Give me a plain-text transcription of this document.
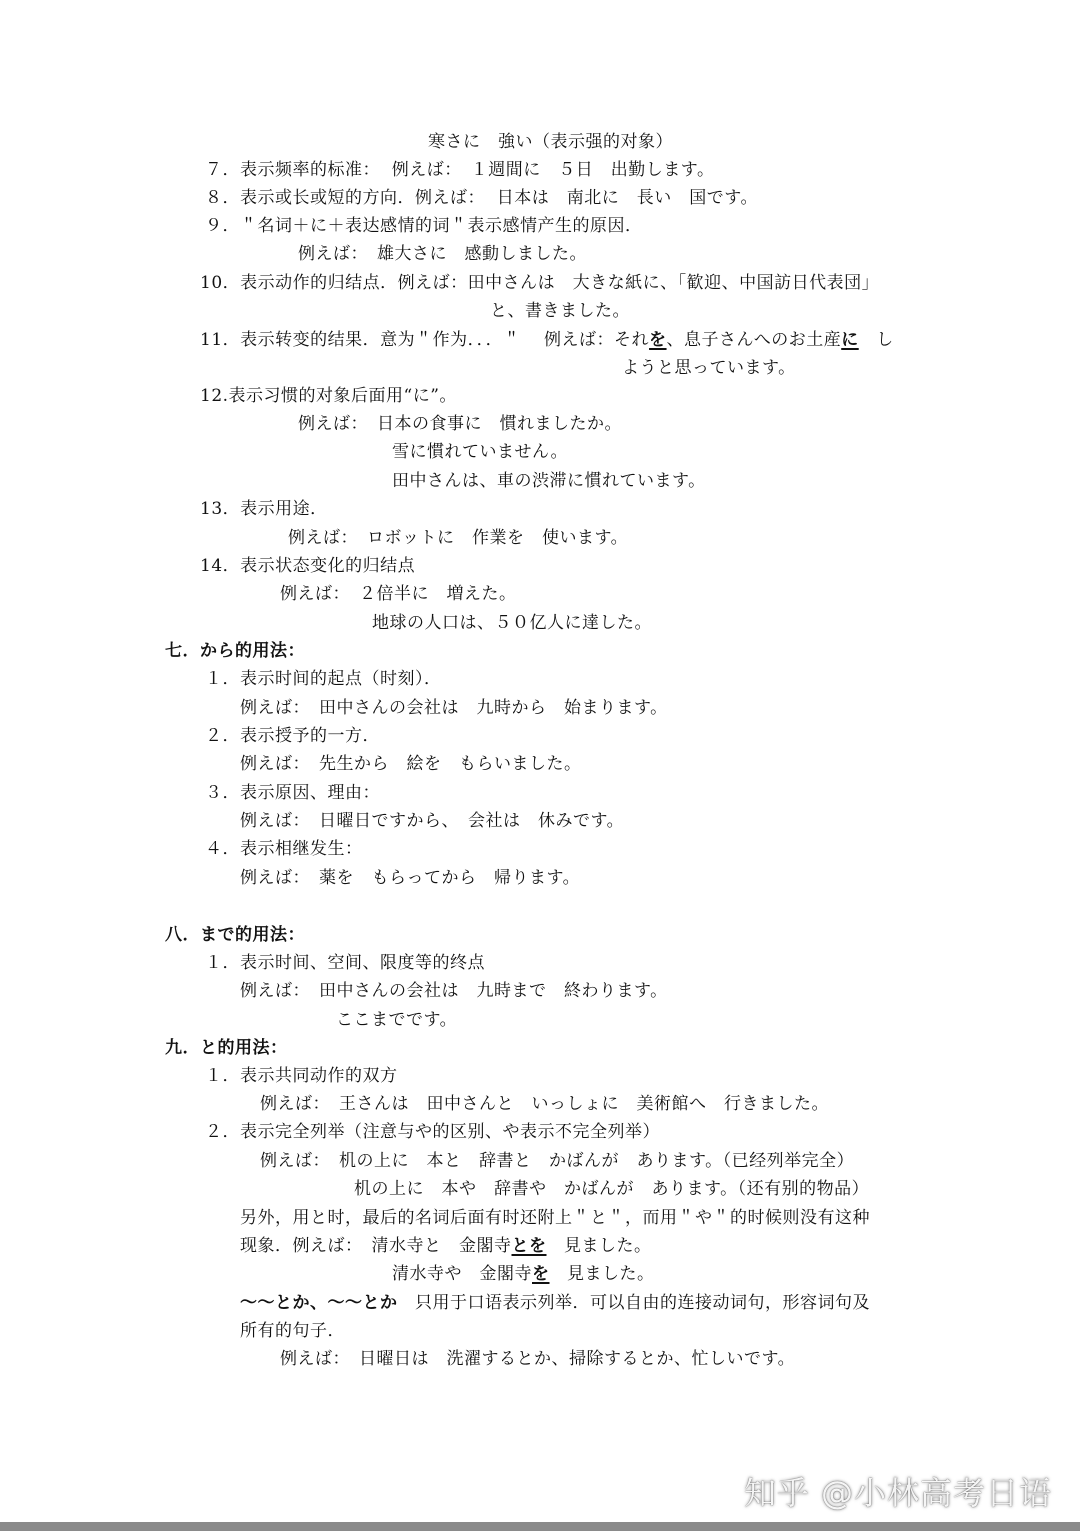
寒さに　強い（表示强的对象）
７．表示频率的标准：  例えば：　１週間に　５日　出勤します。
８．表示或长或短的方向．例えば：  日本は　南北に　長い　国です。
９．＂名词＋に＋表达感情的词＂表示感情产生的原因．
例えば：　雄大さに　感動しました。
10．表示动作的归结点．例えば：田中さんは　大きな紙に、「歓迎、中国訪日代表団」
と、書きました。
11．表示转变的结果．意为＂作为．．．＂　 例えば：それを、息子さんへのお土産に　し
ようと思っています。
12.表示习惯的对象后面用“に”。
例えば：　日本の食事に　慣れましたか。
雪に慣れていません。
田中さんは、車の渋滞に慣れています。
13．表示用途．
例えば：　ロボットに　作業を　使います。
14．表示状态变化的归结点
例えば：　２倍半に　増えた。
地球の人口は、５０亿人に達した。
七．から的用法：
１．表示时间的起点（时刻）．
例えば：　田中さんの会社は　九時から　始まります。
２．表示授予的一方．
例えば：　先生から　絵を　もらいました。
３．表示原因、理由：
例えば：　日曜日ですから、　会社は　休みです。
４．表示相继发生：
例えば：　薬を　もらってから　帰ります。
八．まで的用法：
１．表示时间、空间、限度等的终点
例えば：　田中さんの会社は　九時まで　終わります。
ここまでです。
九．と的用法：
１．表示共同动作的双方
例えば：　王さんは　田中さんと　いっしょに　美術館へ　行きました。
２．表示完全列举（注意与や的区别、や表示不完全列举）
例えば：　机の上に　本と　辞書と　かばんが　あります。（已经列举完全）
机の上に　本や　辞書や　かばんが　あります。（还有别的物品）
另外，用と时，最后的名词后面有时还附上＂と＂，而用＂や＂的时候则没有这种
现象．例えば：　清水寺と　金閣寺とを　見ました。
清水寺や　金閣寺を　見ました。
～～とか、～～とか　只用于口语表示列举．可以自由的连接动词句，形容词句及
所有的句子．
例えば：　日曜日は　洗濯するとか、掃除するとか、忙しいです。
知乎 @小林高考日语
